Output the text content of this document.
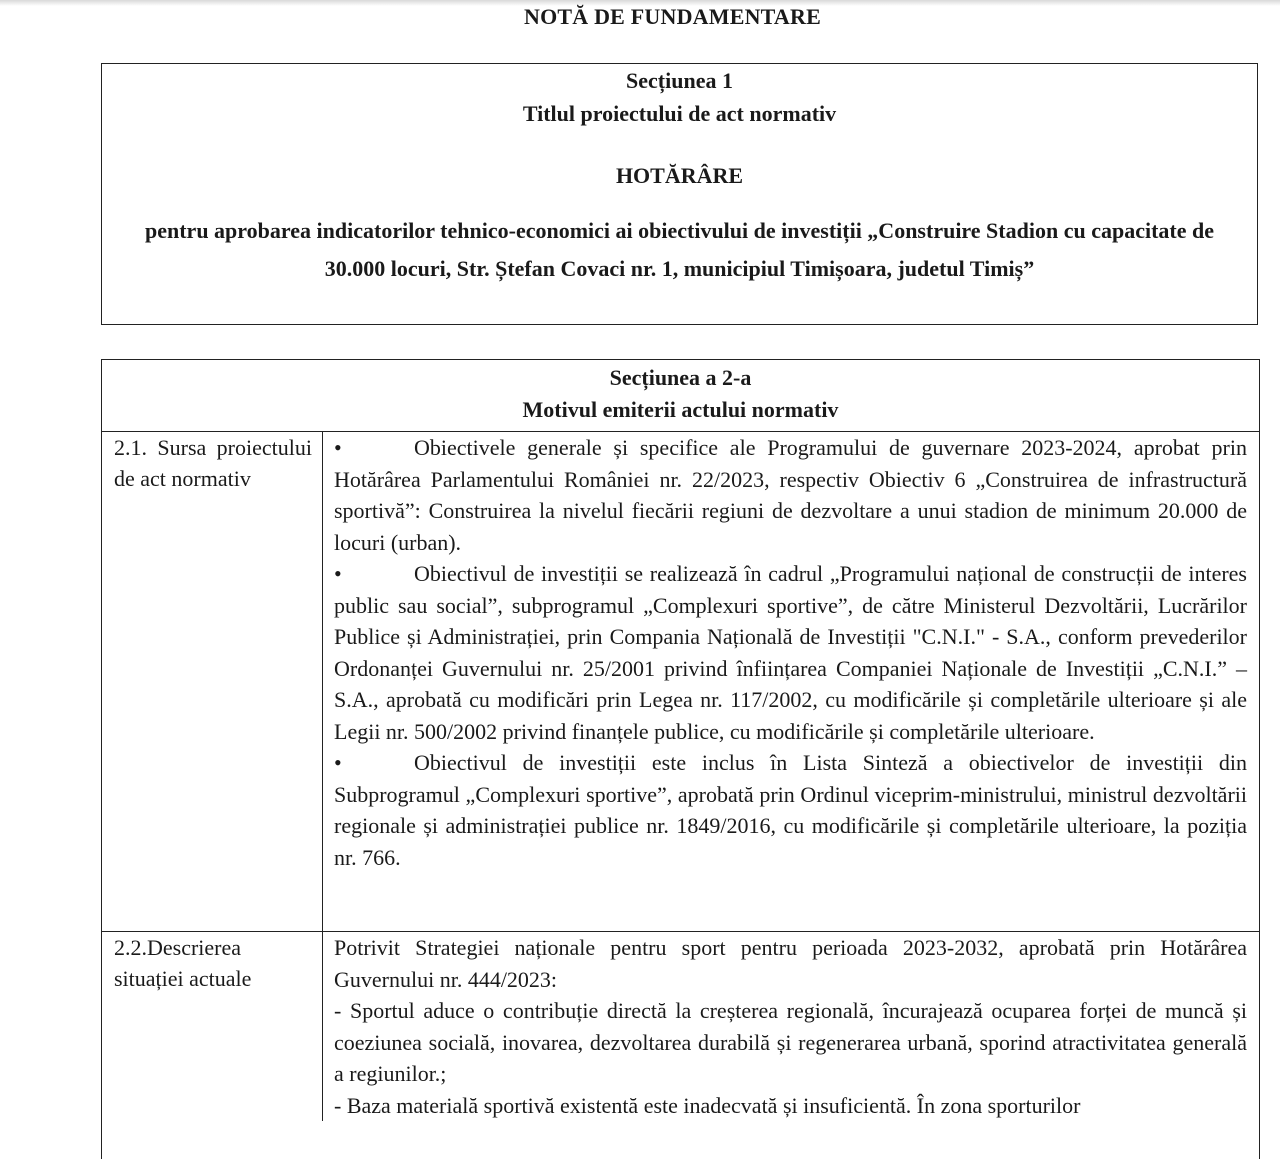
NOTĂ DE FUNDAMENTARE
Secțiunea 1
Titlul proiectului de act normativ
HOTĂRÂRE
pentru aprobarea indicatorilor tehnico-economici ai obiectivului de investiții „Construire Stadion cu capacitate de 30.000 locuri, Str. Ștefan Covaci nr. 1, municipiul Timișoara, judetul Timiș”
Secțiunea a 2-a
Motivul emiterii actului normativ
2.1. Sursa proiectului de act normativ
•	Obiectivele generale și specifice ale Programului de guvernare 2023-2024, aprobat prin Hotărârea Parlamentului României nr. 22/2023, respectiv Obiectiv 6 „Construirea de infrastructură sportivă”: Construirea la nivelul fiecării regiuni de dezvoltare a unui stadion de minimum 20.000 de locuri (urban).
•	Obiectivul de investiții se realizează în cadrul „Programului național de construcții de interes public sau social”, subprogramul „Complexuri sportive”, de către Ministerul Dezvoltării, Lucrărilor Publice și Administrației, prin Compania Națională de Investiții "C.N.I." - S.A., conform prevederilor Ordonanței Guvernului nr. 25/2001 privind înființarea Companiei Naționale de Investiții „C.N.I.” – S.A., aprobată cu modificări prin Legea nr. 117/2002, cu modificările și completările ulterioare și ale Legii nr. 500/2002 privind finanțele publice, cu modificările și completările ulterioare.
•	Obiectivul de investiții este inclus în Lista Sinteză a obiectivelor de investiții din Subprogramul „Complexuri sportive”, aprobată prin Ordinul viceprim-ministrului, ministrul dezvoltării regionale și administrației publice nr. 1849/2016, cu modificările și completările ulterioare, la poziția nr. 766.
2.2.Descrierea situației actuale
Potrivit Strategiei naționale pentru sport pentru perioada 2023-2032, aprobată prin Hotărârea Guvernului nr. 444/2023:
- Sportul aduce o contribuție directă la creșterea regională, încurajează ocuparea forței de muncă și coeziunea socială, inovarea, dezvoltarea durabilă și regenerarea urbană, sporind atractivitatea generală a regiunilor.;
- Baza materială sportivă existentă este inadecvată și insuficientă. În zona sporturilor
